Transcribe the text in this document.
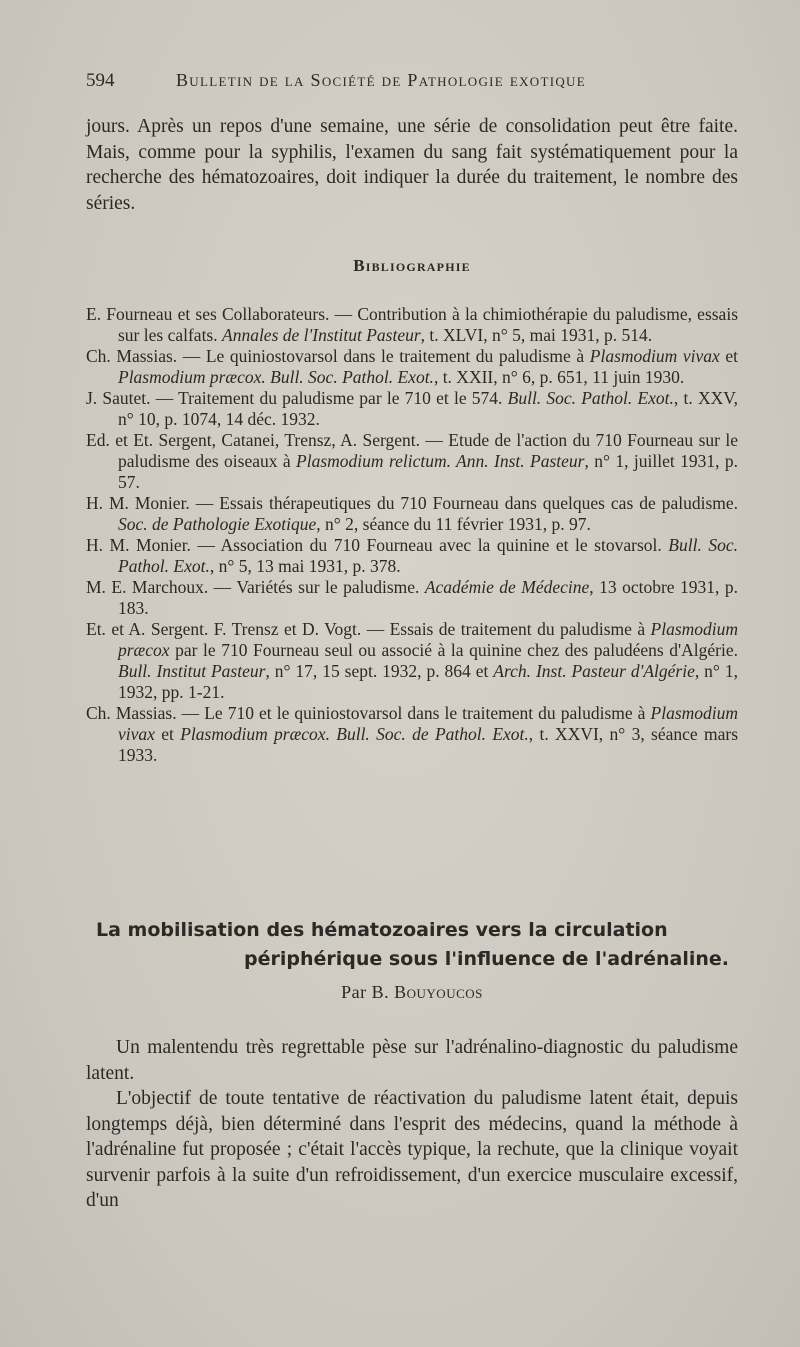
594	Bulletin de la Société de Pathologie exotique

jours. Après un repos d'une semaine, une série de consolidation peut être faite. Mais, comme pour la syphilis, l'examen du sang fait systématiquement pour la recherche des hématozoaires, doit indiquer la durée du traitement, le nombre des séries.

Bibliographie

E. Fourneau et ses Collaborateurs. — Contribution à la chimiothérapie du paludisme, essais sur les calfats. Annales de l'Institut Pasteur, t. XLVI, n° 5, mai 1931, p. 514.

Ch. Massias. — Le quiniostovarsol dans le traitement du paludisme à Plasmodium vivax et Plasmodium præcox. Bull. Soc. Pathol. Exot., t. XXII, n° 6, p. 651, 11 juin 1930.

J. Sautet. — Traitement du paludisme par le 710 et le 574. Bull. Soc. Pathol. Exot., t. XXV, n° 10, p. 1074, 14 déc. 1932.

Ed. et Et. Sergent, Catanei, Trensz, A. Sergent. — Etude de l'action du 710 Fourneau sur le paludisme des oiseaux à Plasmodium relictum. Ann. Inst. Pasteur, n° 1, juillet 1931, p. 57.

H. M. Monier. — Essais thérapeutiques du 710 Fourneau dans quelques cas de paludisme. Soc. de Pathologie Exotique, n° 2, séance du 11 février 1931, p. 97.

H. M. Monier. — Association du 710 Fourneau avec la quinine et le stovarsol. Bull. Soc. Pathol. Exot., n° 5, 13 mai 1931, p. 378.

M. E. Marchoux. — Variétés sur le paludisme. Académie de Médecine, 13 octobre 1931, p. 183.

Et. et A. Sergent. F. Trensz et D. Vogt. — Essais de traitement du paludisme à Plasmodium præcox par le 710 Fourneau seul ou associé à la quinine chez des paludéens d'Algérie. Bull. Institut Pasteur, n° 17, 15 sept. 1932, p. 864 et Arch. Inst. Pasteur d'Algérie, n° 1, 1932, pp. 1-21.

Ch. Massias. — Le 710 et le quiniostovarsol dans le traitement du paludisme à Plasmodium vivax et Plasmodium præcox. Bull. Soc. de Pathol. Exot., t. XXVI, n° 3, séance mars 1933.

La mobilisation des hématozoaires vers la circulation
périphérique sous l'influence de l'adrénaline.
Par B. Bouyoucos

Un malentendu très regrettable pèse sur l'adrénalino-diagnostic du paludisme latent.

L'objectif de toute tentative de réactivation du paludisme latent était, depuis longtemps déjà, bien déterminé dans l'esprit des médecins, quand la méthode à l'adrénaline fut proposée ; c'était l'accès typique, la rechute, que la clinique voyait survenir parfois à la suite d'un refroidissement, d'un exercice musculaire excessif, d'un
